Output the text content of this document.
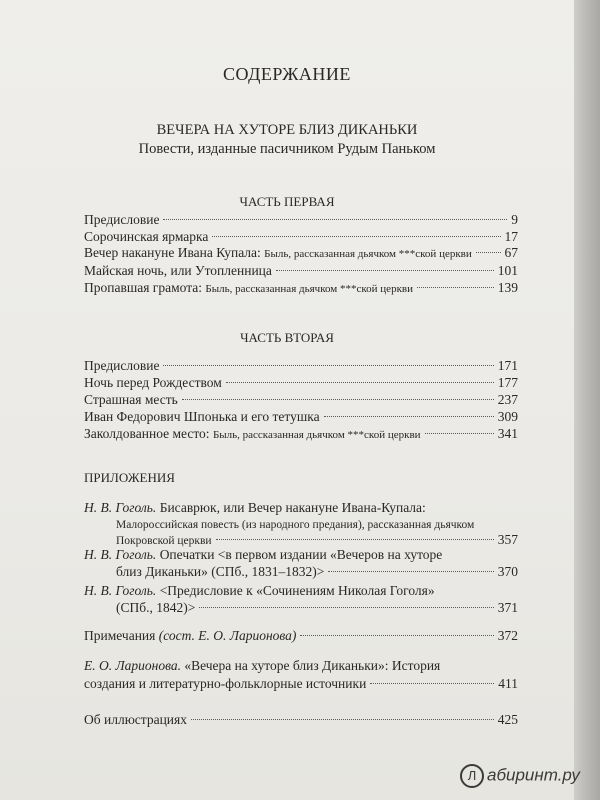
СОДЕРЖАНИЕ
ВЕЧЕРА НА ХУТОРЕ БЛИЗ ДИКАНЬКИ
Повести, изданные пасичником Рудым Паньком
ЧАСТЬ ПЕРВАЯ
Предисловие	9
Сорочинская ярмарка	17
Вечер накануне Ивана Купала: Быль, рассказанная дьячком ***ской церкви 67
Майская ночь, или Утопленница	101
Пропавшая грамота: Быль, рассказанная дьячком ***ской церкви	139
ЧАСТЬ ВТОРАЯ
Предисловие	171
Ночь перед Рождеством	177
Страшная месть	237
Иван Федорович Шпонька и его тетушка	309
Заколдованное место: Быль, рассказанная дьячком ***ской церкви	341
ПРИЛОЖЕНИЯ
Н. В. Гоголь. Бисаврюк, или Вечер накануне Ивана-Купала:
Малороссийская повесть (из народного предания), рассказанная дьячком
Покровской церкви	357
Н. В. Гоголь. Опечатки <в первом издании «Вечеров на хуторе
близ Диканьки» (СПб., 1831–1832)>	370
Н. В. Гоголь. <Предисловие к «Сочинениям Николая Гоголя»
(СПб., 1842)>	371
Примечания (сост. Е. О. Ларионова)	372
Е. О. Ларионова. «Вечера на хуторе близ Диканьки»: История
создания и литературно-фольклорные источники	411
Об иллюстрациях	425
Л абиринт.ру
